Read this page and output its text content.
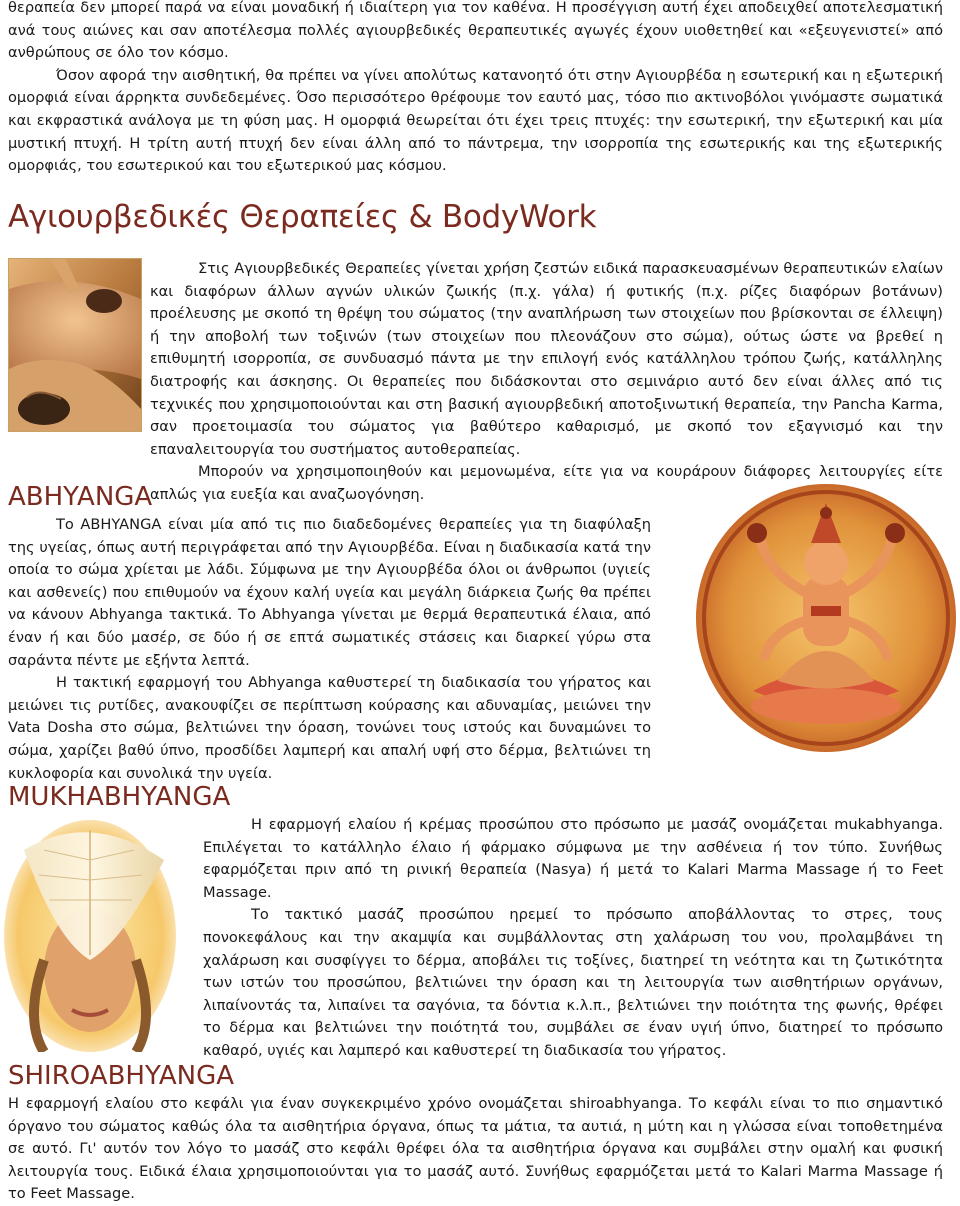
θεραπεία δεν μπορεί παρά να είναι μοναδική ή ιδιαίτερη για τον καθένα. Η προσέγγιση αυτή έχει αποδειχθεί αποτελεσματική ανά τους αιώνες και σαν αποτέλεσμα πολλές αγιουρβεδικές θεραπευτικές αγωγές έχουν υιοθετηθεί και «εξευγενιστεί» από ανθρώπους σε όλο τον κόσμο.

Όσον αφορά την αισθητική, θα πρέπει να γίνει απολύτως κατανοητό ότι στην Αγιουρβέδα η εσωτερική και η εξωτερική ομορφιά είναι άρρηκτα συνδεδεμένες. Όσο περισσότερο θρέφουμε τον εαυτό μας, τόσο πιο ακτινοβόλοι γινόμαστε σωματικά και εκφραστικά ανάλογα με τη φύση μας. Η ομορφιά θεωρείται ότι έχει τρεις πτυχές: την εσωτερική, την εξωτερική και μία μυστική πτυχή. Η τρίτη αυτή πτυχή δεν είναι άλλη από το πάντρεμα, την ισορροπία της εσωτερικής και της εξωτερικής ομορφιάς, του εσωτερικού και του εξωτερικού μας κόσμου.

Αγιουρβεδικές Θεραπείες & BodyWork

Στις Αγιουρβεδικές Θεραπείες γίνεται χρήση ζεστών ειδικά παρασκευασμένων θεραπευτικών ελαίων και διαφόρων άλλων αγνών υλικών ζωικής (π.χ. γάλα) ή φυτικής (π.χ. ρίζες διαφόρων βοτάνων) προέλευσης με σκοπό τη θρέψη του σώματος (την αναπλήρωση των στοιχείων που βρίσκονται σε έλλειψη) ή την αποβολή των τοξινών (των στοιχείων που πλεονάζουν στο σώμα), ούτως ώστε να βρεθεί η επιθυμητή ισορροπία, σε συνδυασμό πάντα με την επιλογή ενός κατάλληλου τρόπου ζωής, κατάλληλης διατροφής και άσκησης. Οι θεραπείες που διδάσκονται στο σεμινάριο αυτό δεν είναι άλλες από τις τεχνικές που χρησιμοποιούνται και στη βασική αγιουρβεδική αποτοξινωτική θεραπεία, την Pancha Karma, σαν προετοιμασία του σώματος για βαθύτερο καθαρισμό, με σκοπό τον εξαγνισμό και την επαναλειτουργία του συστήματος αυτοθεραπείας.

Μπορούν να χρησιμοποιηθούν και μεμονωμένα, είτε για να κουράρουν διάφορες λειτουργίες είτε απλώς για ευεξία και αναζωογόνηση.

ABHYANGA

Το ABHYANGA είναι μία από τις πιο διαδεδομένες θεραπείες για τη διαφύλαξη της υγείας, όπως αυτή περιγράφεται από την Αγιουρβέδα. Είναι η διαδικασία κατά την οποία το σώμα χρίεται με λάδι. Σύμφωνα με την Αγιουρβέδα όλοι οι άνθρωποι (υγιείς και ασθενείς) που επιθυμούν να έχουν καλή υγεία και μεγάλη διάρκεια ζωής θα πρέπει να κάνουν Abhyanga τακτικά. Το Abhyanga γίνεται με θερμά θεραπευτικά έλαια, από έναν ή και δύο μασέρ, σε δύο ή σε επτά σωματικές στάσεις και διαρκεί γύρω στα σαράντα πέντε με εξήντα λεπτά.

Η τακτική εφαρμογή του Abhyanga καθυστερεί τη διαδικασία του γήρατος και μειώνει τις ρυτίδες, ανακουφίζει σε περίπτωση κούρασης και αδυναμίας, μειώνει την Vata Dosha στο σώμα, βελτιώνει την όραση, τονώνει τους ιστούς και δυναμώνει το σώμα, χαρίζει βαθύ ύπνο, προσδίδει λαμπερή και απαλή υφή στο δέρμα, βελτιώνει τη κυκλοφορία και συνολικά την υγεία.

MUKHABHYANGA

Η εφαρμογή ελαίου ή κρέμας προσώπου στο πρόσωπο με μασάζ ονομάζεται mukabhyanga. Επιλέγεται το κατάλληλο έλαιο ή φάρμακο σύμφωνα με την ασθένεια ή τον τύπο. Συνήθως εφαρμόζεται πριν από τη ρινική θεραπεία (Nasya) ή μετά το Kalari Marma Massage ή το Feet Massage.

Το τακτικό μασάζ προσώπου ηρεμεί το πρόσωπο αποβάλλοντας το στρες, τους πονοκεφάλους και την ακαμψία και συμβάλλοντας στη χαλάρωση του νου, προλαμβάνει τη χαλάρωση και συσφίγγει το δέρμα, αποβάλει τις τοξίνες, διατηρεί τη νεότητα και τη ζωτικότητα των ιστών του προσώπου, βελτιώνει την όραση και τη λειτουργία των αισθητήριων οργάνων, λιπαίνοντάς τα, λιπαίνει τα σαγόνια, τα δόντια κ.λ.π., βελτιώνει την ποιότητα της φωνής, θρέφει το δέρμα και βελτιώνει την ποιότητά του, συμβάλει σε έναν υγιή ύπνο, διατηρεί το πρόσωπο καθαρό, υγιές και λαμπερό και καθυστερεί τη διαδικασία του γήρατος.

SHIROABHYANGA

Η εφαρμογή ελαίου στο κεφάλι για έναν συγκεκριμένο χρόνο ονομάζεται shiroabhyanga. Το κεφάλι είναι το πιο σημαντικό όργανο του σώματος καθώς όλα τα αισθητήρια όργανα, όπως τα μάτια, τα αυτιά, η μύτη και η γλώσσα είναι τοποθετημένα σε αυτό. Γι' αυτόν τον λόγο το μασάζ στο κεφάλι θρέφει όλα τα αισθητήρια όργανα και συμβάλει στην ομαλή και φυσική λειτουργία τους. Ειδικά έλαια χρησιμοποιούνται για το μασάζ αυτό. Συνήθως εφαρμόζεται μετά το Kalari Marma Massage ή το Feet Massage.
